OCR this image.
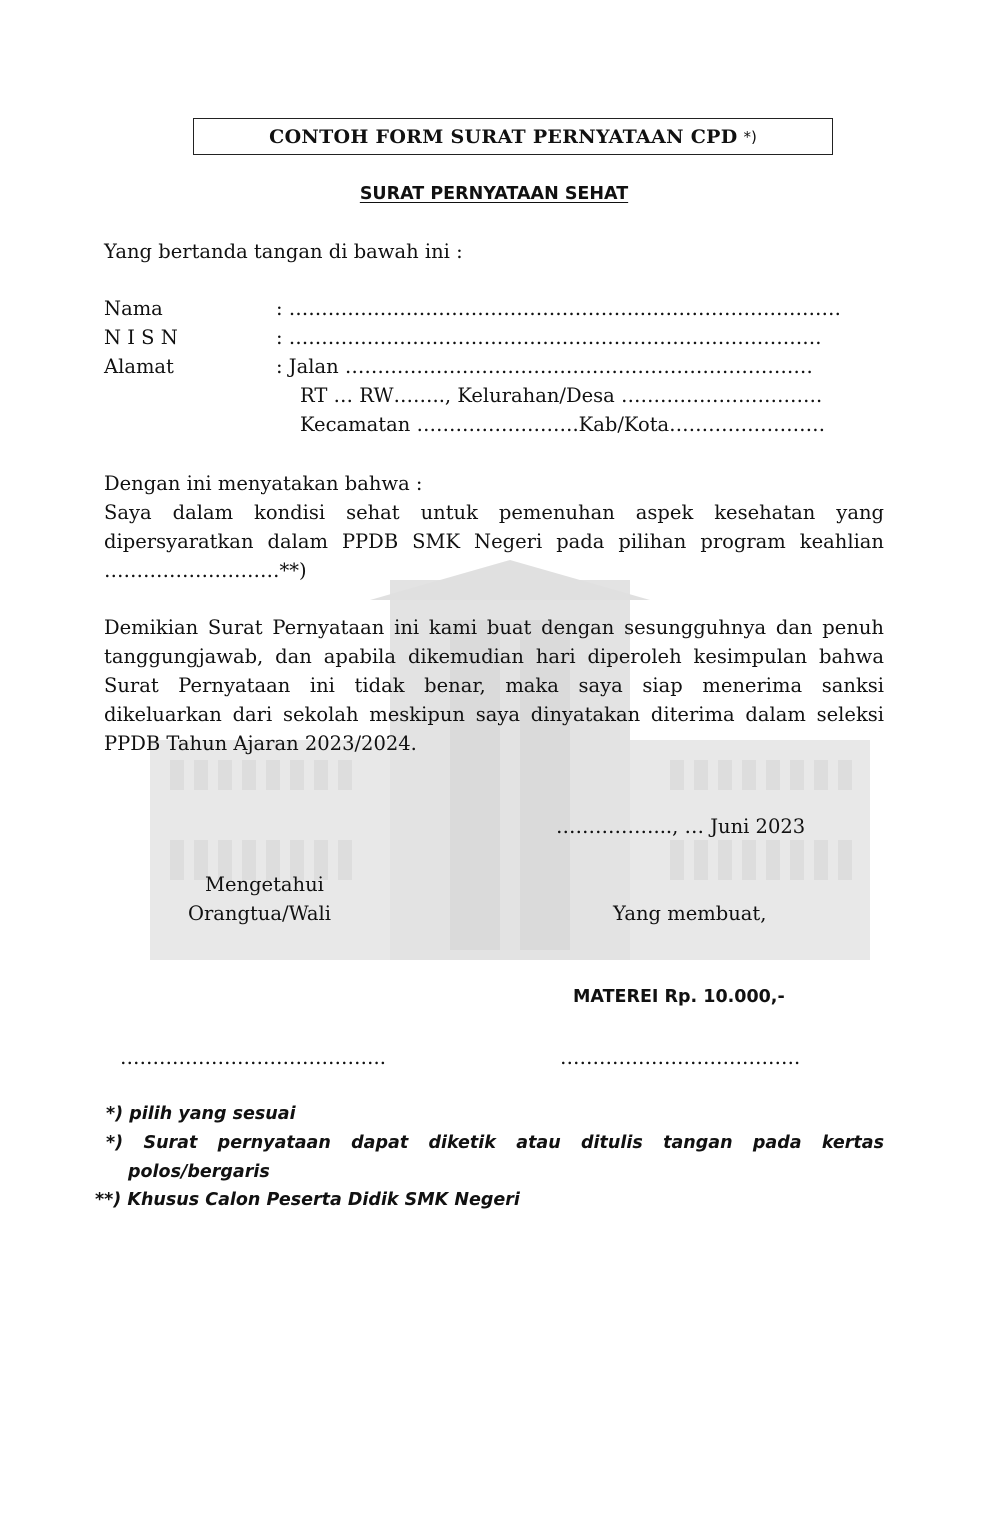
CONTOH FORM SURAT PERNYATAAN CPD *)
SURAT PERNYATAAN SEHAT
Yang bertanda tangan di bawah ini :
Nama	: ……………………………………………….…………………………
N I S N	: ……………………………………………………………………….
Alamat	: Jalan ………………………………………………………………
RT … RW…….., Kelurahan/Desa ………………………….
Kecamatan …………………….Kab/Kota……………………
Dengan ini menyatakan bahwa :
Saya dalam kondisi sehat untuk pemenuhan aspek kesehatan yang
dipersyaratkan dalam PPDB SMK Negeri pada pilihan program keahlian
………………………**)
Demikian Surat Pernyataan ini kami buat dengan sesungguhnya dan penuh
tanggungjawab, dan apabila dikemudian hari diperoleh kesimpulan bahwa
Surat Pernyataan ini tidak benar, maka saya siap menerima sanksi
dikeluarkan dari sekolah meskipun saya dinyatakan diterima dalam seleksi
PPDB Tahun Ajaran 2023/2024.
……………..., … Juni 2023
Mengetahui
Orangtua/Wali	Yang membuat,
MATEREI Rp. 10.000,-
…………………………………..	……………………………….
*) pilih yang sesuai
*) Surat pernyataan dapat diketik atau ditulis tangan pada kertas
polos/bergaris
**) Khusus Calon Peserta Didik SMK Negeri
